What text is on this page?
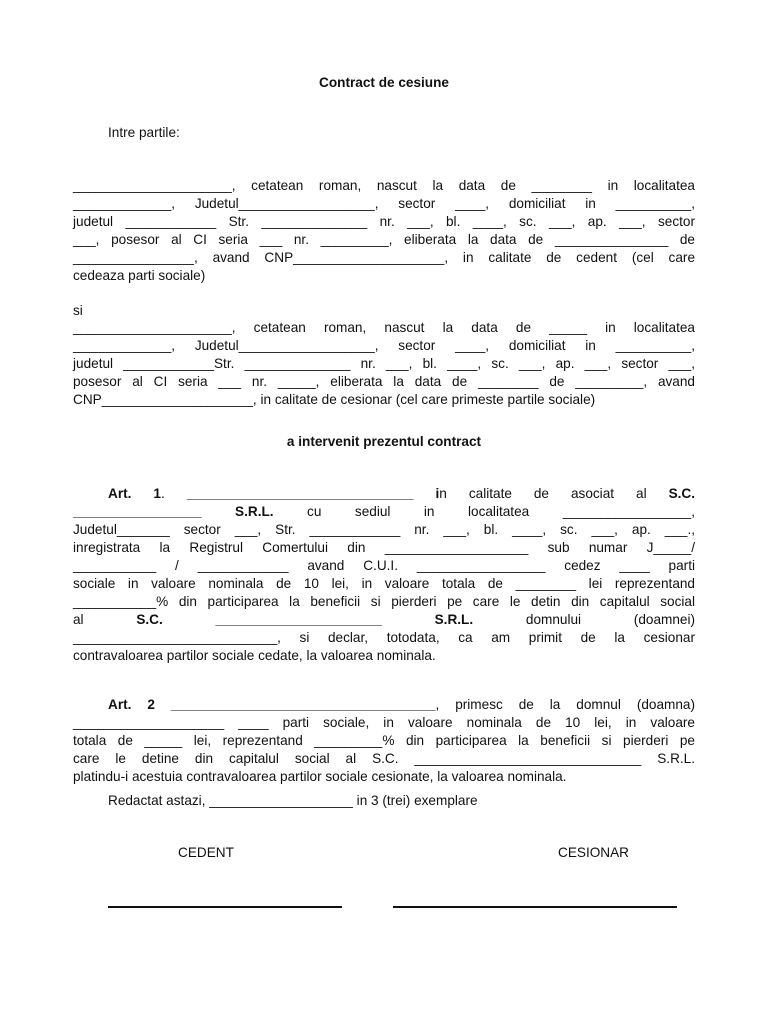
Contract de cesiune
Intre partile:
_____________________, cetatean roman, nascut la data de ________ in localitatea
_____________, Judetul__________________, sector ____, domiciliat in __________,
judetul ____________ Str. ______________ nr. ___, bl. ____, sc. ___, ap. ___, sector
___, posesor al CI seria ___ nr. _________, eliberata la data de _______________ de
________________, avand CNP____________________, in calitate de cedent (cel care
cedeaza parti sociale)
si
_____________________, cetatean roman, nascut la data de _____ in localitatea
_____________, Judetul__________________, sector ____, domiciliat in __________,
judetul ____________Str. ______________ nr. ___, bl. ____, sc. ___, ap. ___, sector ___,
posesor al CI seria ___ nr. _____, eliberata la data de ________ de _________, avand
CNP____________________, in calitate de cesionar (cel care primeste partile sociale)
a intervenit prezentul contract
Art. 1. ______________________________ in calitate de asociat al S.C.
_________________ S.R.L. cu sediul in localitatea _________________,
Judetul_______ sector ___, Str. ____________ nr. ___, bl. ____, sc. ___, ap. ___.,
inregistrata la Registrul Comertului din ___________________ sub numar J_____/
___________ / ____________ avand C.U.I. _________________ cedez ____ parti
sociale in valoare nominala de 10 lei, in valoare totala de ________ lei reprezentand
___________% din participarea la beneficii si pierderi pe care le detin din capitalul social
al S.C.	______________________	S.R.L. domnului (doamnei)
___________________________, si declar, totodata, ca am primit de la cesionar
contravaloarea partilor sociale cedate, la valoarea nominala.
Art. 2 ___________________________________, primesc de la domnul (doamna)
____________________ ____ parti sociale, in valoare nominala de 10 lei, in valoare
totala de _____ lei, reprezentand _________% din participarea la beneficii si pierderi pe
care le detine din capitalul social al S.C. ______________________________ S.R.L.
platindu-i acestuia contravaloarea partilor sociale cesionate, la valoarea nominala.
Redactat astazi, ___________________ in 3 (trei) exemplare
CEDENT	CESIONAR
